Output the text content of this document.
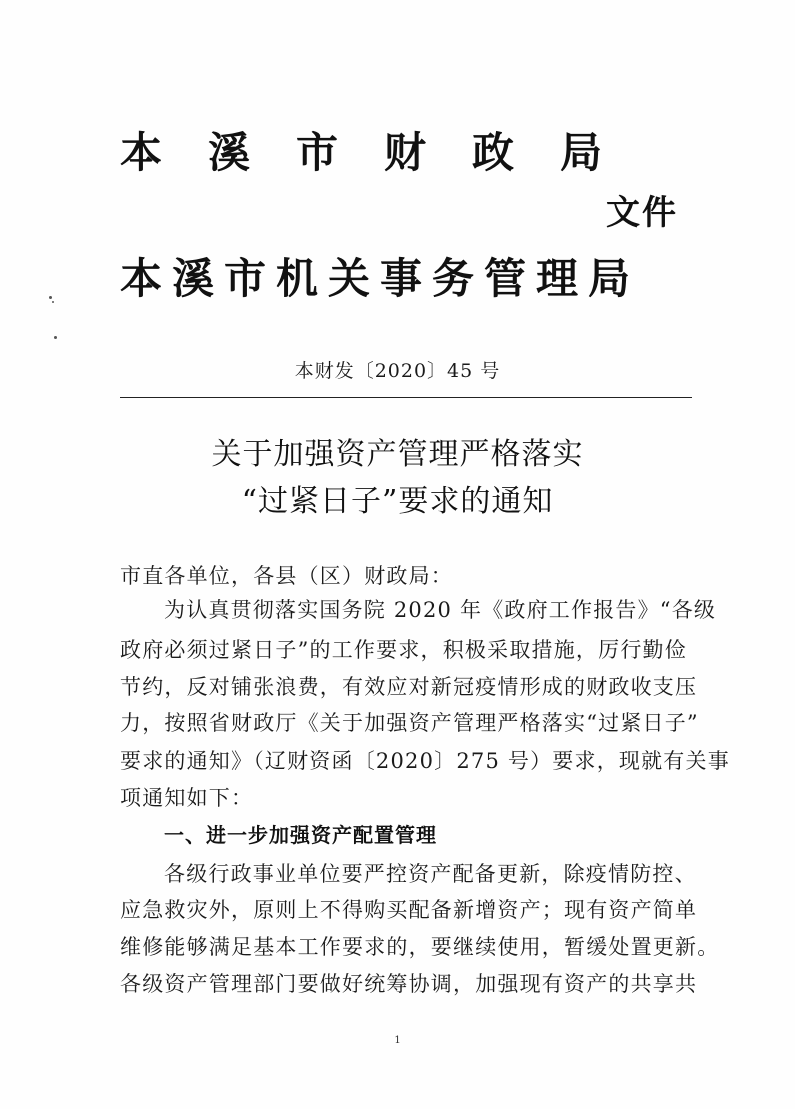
本溪市财政局
文件
本溪市机关事务管理局
本财发〔2020〕45 号
关于加强资产管理严格落实
“过紧日子”要求的通知
市直各单位，各县（区）财政局：
为认真贯彻落实国务院 2020 年《政府工作报告》“各级
政府必须过紧日子”的工作要求，积极采取措施，厉行勤俭
节约，反对铺张浪费，有效应对新冠疫情形成的财政收支压
力，按照省财政厅《关于加强资产管理严格落实“过紧日子”
要求的通知》（辽财资函〔2020〕275 号）要求，现就有关事
项通知如下：
一、进一步加强资产配置管理
各级行政事业单位要严控资产配备更新，除疫情防控、
应急救灾外，原则上不得购买配备新增资产；现有资产简单
维修能够满足基本工作要求的，要继续使用，暂缓处置更新。
各级资产管理部门要做好统筹协调，加强现有资产的共享共
1
